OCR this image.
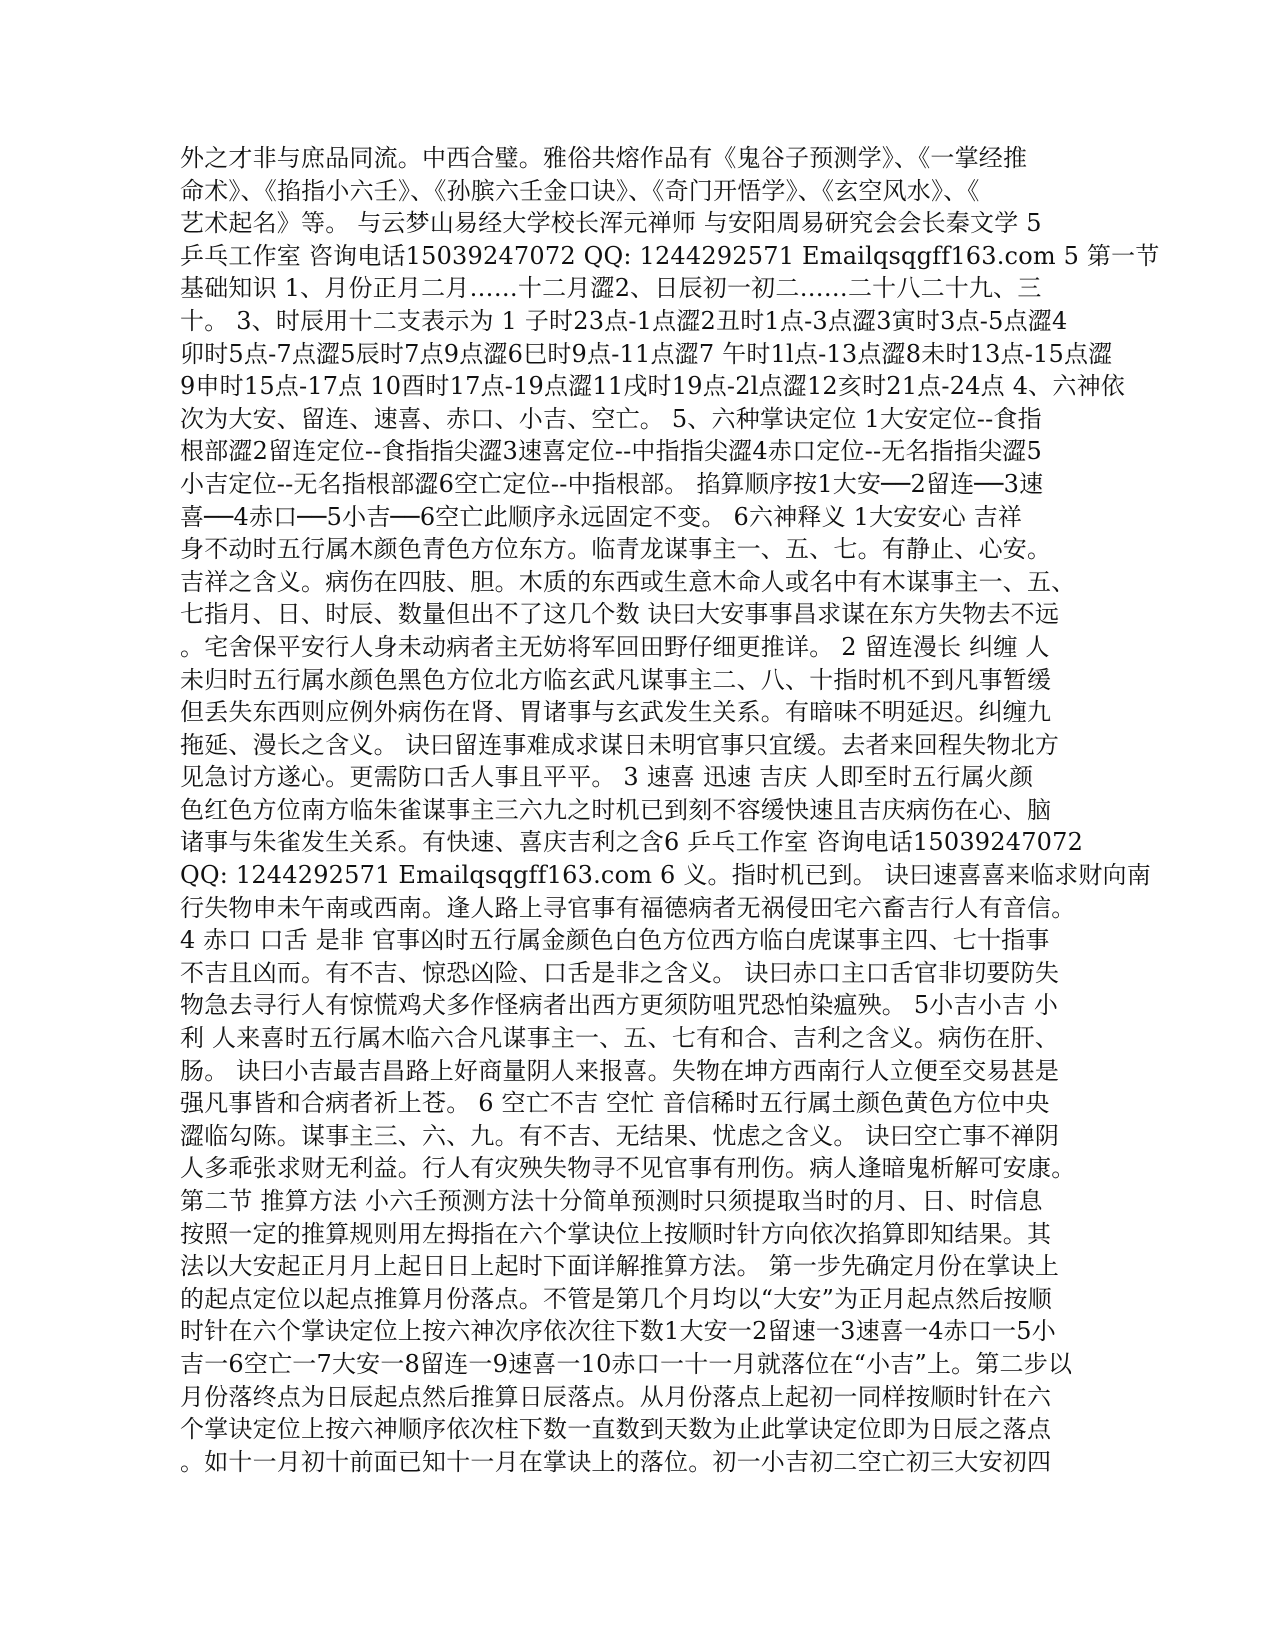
外之才非与庶品同流。中西合璧。雅俗共熔作品有《鬼谷子预测学》、《一掌经推
命术》、《掐指小六壬》、《孙膑六壬金口诀》、《奇门开悟学》、《玄空风水》、《
艺术起名》等。 与云梦山易经大学校长浑元禅师 与安阳周易研究会会长秦文学 5
乒乓工作室 咨询电话15039247072 QQ: 1244292571 Emailqsqgff163.com 5 第一节
基础知识 1、月份正月二月……十二月澀2、日辰初一初二……二十八二十九、三
十。 3、时辰用十二支表示为 1 子时23点-1点澀2丑时1点-3点澀3寅时3点-5点澀4
卯时5点-7点澀5辰时7点9点澀6巳时9点-11点澀7 午时1l点-13点澀8未时13点-15点澀
9申时15点-17点 10酉时17点-19点澀11戌时19点-2l点澀12亥时21点-24点 4、六神依
次为大安、留连、速喜、赤口、小吉、空亡。 5、六种掌诀定位 1大安定位--食指
根部澀2留连定位--食指指尖澀3速喜定位--中指指尖澀4赤口定位--无名指指尖澀5
小吉定位--无名指根部澀6空亡定位--中指根部。 掐算顺序按1大安──2留连──3速
喜──4赤口──5小吉──6空亡此顺序永远固定不变。 6六神释义 1大安安心 吉祥
身不动时五行属木颜色青色方位东方。临青龙谋事主一、五、七。有静止、心安。
吉祥之含义。病伤在四肢、胆。木质的东西或生意木命人或名中有木谋事主一、五、
七指月、日、时辰、数量但出不了这几个数 诀曰大安事事昌求谋在东方失物去不远
。宅舍保平安行人身未动病者主无妨将军回田野仔细更推详。 2 留连漫长 纠缠 人
未归时五行属水颜色黑色方位北方临玄武凡谋事主二、八、十指时机不到凡事暂缓
但丢失东西则应例外病伤在肾、胃诸事与玄武发生关系。有暗味不明延迟。纠缠九
拖延、漫长之含义。 诀曰留连事难成求谋日未明官事只宜缓。去者来回程失物北方
见急讨方遂心。更需防口舌人事且平平。 3 速喜 迅速 吉庆 人即至时五行属火颜
色红色方位南方临朱雀谋事主三六九之时机已到刻不容缓快速且吉庆病伤在心、脑
诸事与朱雀发生关系。有快速、喜庆吉利之含6 乒乓工作室 咨询电话15039247072
QQ: 1244292571 Emailqsqgff163.com 6 义。指时机已到。 诀曰速喜喜来临求财向南
行失物申未午南或西南。逢人路上寻官事有福德病者无祸侵田宅六畜吉行人有音信。
4 赤口 口舌 是非 官事凶时五行属金颜色白色方位西方临白虎谋事主四、七十指事
不吉且凶而。有不吉、惊恐凶险、口舌是非之含义。 诀曰赤口主口舌官非切要防失
物急去寻行人有惊慌鸡犬多作怪病者出西方更须防咀咒恐怕染瘟殃。 5小吉小吉 小
利 人来喜时五行属木临六合凡谋事主一、五、七有和合、吉利之含义。病伤在肝、
肠。 诀曰小吉最吉昌路上好商量阴人来报喜。失物在坤方西南行人立便至交易甚是
强凡事皆和合病者祈上苍。 6 空亡不吉 空忙 音信稀时五行属土颜色黄色方位中央
澀临勾陈。谋事主三、六、九。有不吉、无结果、忧虑之含义。 诀曰空亡事不禅阴
人多乖张求财无利益。行人有灾殃失物寻不见官事有刑伤。病人逢暗鬼析解可安康。
第二节 推算方法 小六壬预测方法十分简单预测时只须提取当时的月、日、时信息
按照一定的推算规则用左拇指在六个掌诀位上按顺时针方向依次掐算即知结果。其
法以大安起正月月上起日日上起时下面详解推算方法。 第一步先确定月份在掌诀上
的起点定位以起点推算月份落点。不管是第几个月均以“大安”为正月起点然后按顺
时针在六个掌诀定位上按六神次序依次往下数1大安一2留速一3速喜一4赤口一5小
吉一6空亡一7大安一8留连一9速喜一10赤口一十一月就落位在“小吉”上。第二步以
月份落终点为日辰起点然后推算日辰落点。从月份落点上起初一同样按顺时针在六
个掌诀定位上按六神顺序依次柱下数一直数到天数为止此掌诀定位即为日辰之落点
。如十一月初十前面已知十一月在掌诀上的落位。初一小吉初二空亡初三大安初四
